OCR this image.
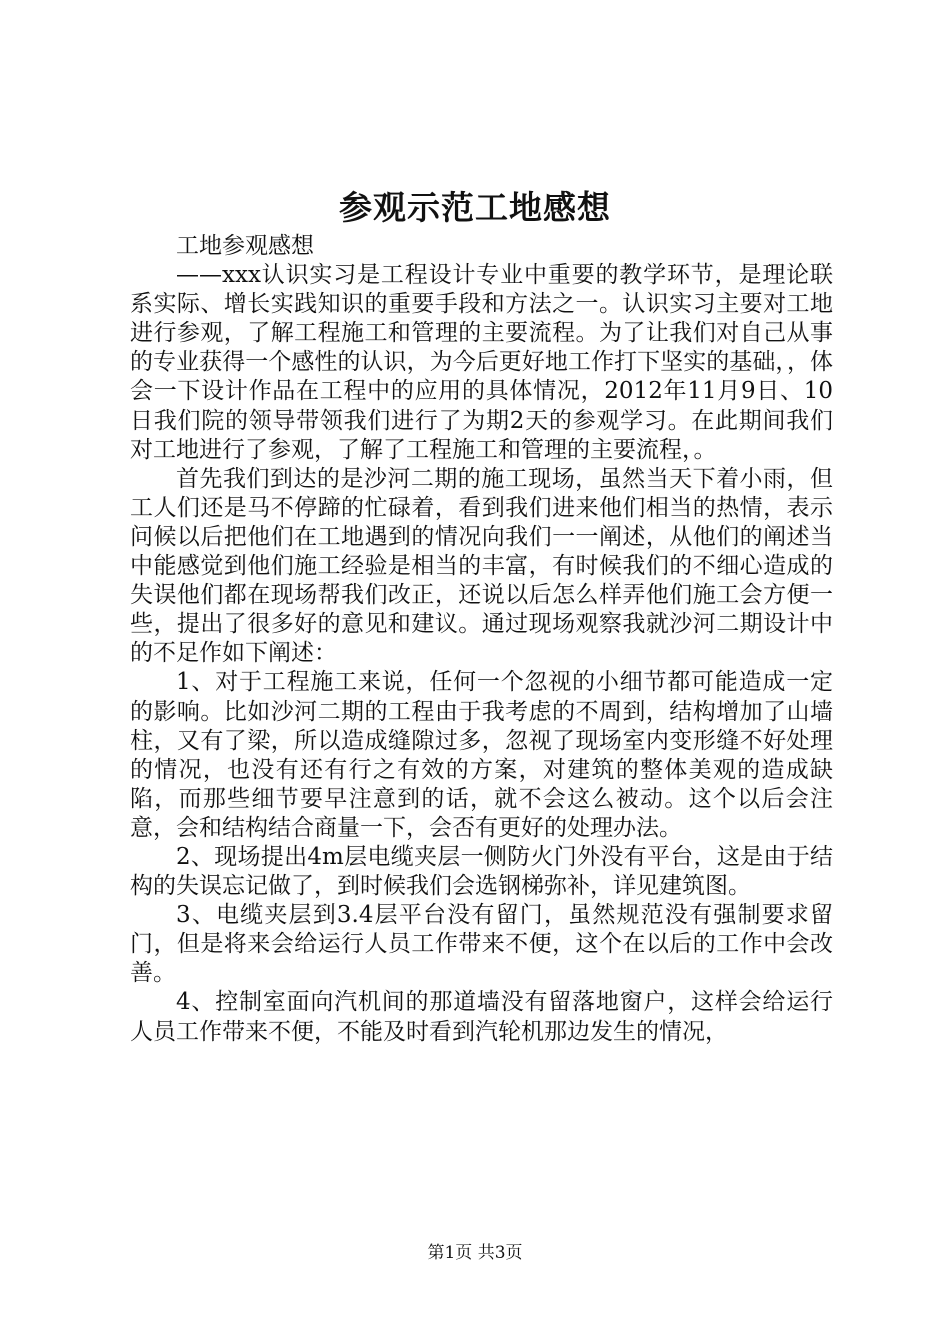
参观示范工地感想

工地参观感想

——xxx认识实习是工程设计专业中重要的教学环节，是理论联系实际、增长实践知识的重要手段和方法之一。认识实习主要对工地进行参观，了解工程施工和管理的主要流程。为了让我们对自己从事的专业获得一个感性的认识，为今后更好地工作打下坚实的基础，，体会一下设计作品在工程中的应用的具体情况，2012年11月9日、10日我们院的领导带领我们进行了为期2天的参观学习。在此期间我们对工地进行了参观，了解了工程施工和管理的主要流程，。

首先我们到达的是沙河二期的施工现场，虽然当天下着小雨，但工人们还是马不停蹄的忙碌着，看到我们进来他们相当的热情，表示问候以后把他们在工地遇到的情况向我们一一阐述，从他们的阐述当中能感觉到他们施工经验是相当的丰富，有时候我们的不细心造成的失误他们都在现场帮我们改正，还说以后怎么样弄他们施工会方便一些，提出了很多好的意见和建议。通过现场观察我就沙河二期设计中的不足作如下阐述：

1、对于工程施工来说，任何一个忽视的小细节都可能造成一定的影响。比如沙河二期的工程由于我考虑的不周到，结构增加了山墙柱，又有了梁，所以造成缝隙过多，忽视了现场室内变形缝不好处理的情况，也没有还有行之有效的方案，对建筑的整体美观的造成缺陷，而那些细节要早注意到的话，就不会这么被动。这个以后会注意，会和结构结合商量一下，会否有更好的处理办法。

2、现场提出4m层电缆夹层一侧防火门外没有平台，这是由于结构的失误忘记做了，到时候我们会选钢梯弥补，详见建筑图。

3、电缆夹层到3.4层平台没有留门，虽然规范没有强制要求留门，但是将来会给运行人员工作带来不便，这个在以后的工作中会改善。

4、控制室面向汽机间的那道墙没有留落地窗户，这样会给运行人员工作带来不便，不能及时看到汽轮机那边发生的情况，

第1页 共3页
